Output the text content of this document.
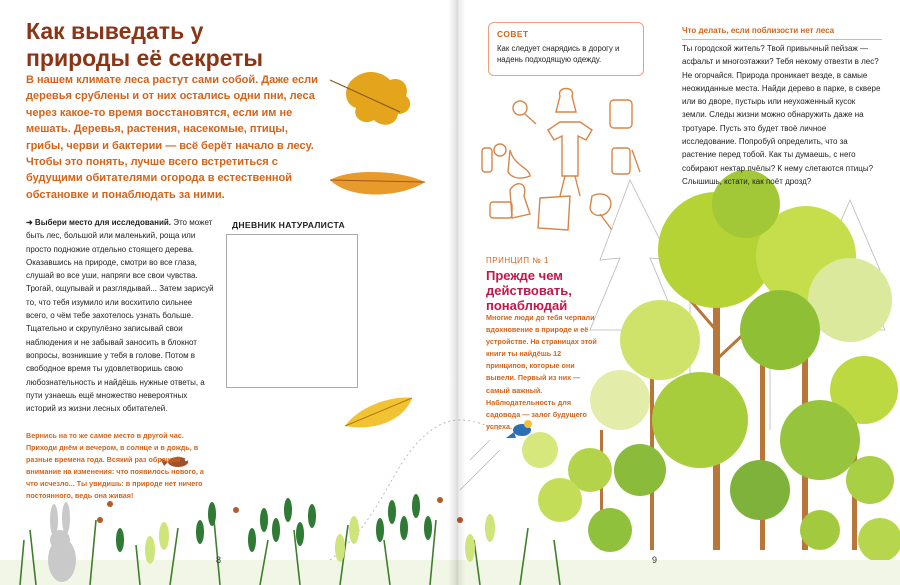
Как выведать у природы её секреты

В нашем климате леса растут сами собой. Даже если деревья срублены и от них остались одни пни, леса через какое-то время восстановятся, если им не мешать. Деревья, растения, насекомые, птицы, грибы, черви и бактерии — всё берёт начало в лесу. Чтобы это понять, лучше всего встретиться с будущими обитателями огорода в естественной обстановке и понаблюдать за ними.

➜ Выбери место для исследований. Это может быть лес, большой или маленький, роща или просто подножие отдельно стоящего дерева. Оказавшись на природе, смотри во все глаза, слушай во все уши, напряги все свои чувства. Трогай, ощупывай и разглядывай... Затем зарисуй то, что тебя изумило или восхитило сильнее всего, о чём тебе захотелось узнать больше. Тщательно и скрупулёзно записывай свои наблюдения и не забывай заносить в блокнот вопросы, возникшие у тебя в голове. Потом в свободное время ты удовлетворишь свою любознательность и найдёшь нужные ответы, а пути узнаешь ещё множество невероятных историй из жизни лесных обитателей.

Вернись на то же самое место в другой час. Приходи днём и вечером, в солнце и в дождь, в разные времена года. Всякий раз обращай внимание на изменения: что появилось нового, а что исчезло... Ты увидишь: в природе нет ничего постоянного, ведь она живая!

ДНЕВНИК НАТУРАЛИСТА
8
СОВЕТ
Как следует снарядись в дорогу и надень подходящую одежду.
Что делать, если поблизости нет леса

Ты городской житель? Твой привычный пейзаж — асфальт и многоэтажки? Тебя некому отвезти в лес? Не огорчайся. Природа проникает везде, в самые неожиданные места. Найди дерево в парке, в сквере или во дворе, пустырь или неухоженный кусок земли. Следы жизни можно обнаружить даже на тротуаре. Пусть это будет твоё личное исследование. Попробуй определить, что за растение перед тобой. Как ты думаешь, с него собирают нектар пчёлы? К нему слетаются птицы? Слышишь, кстати, как поёт дрозд?

ПРИНЦИП № 1
Прежде чем действовать, понаблюдай

Многие люди до тебя черпали вдохновение в природе и её устройстве. На страницах этой книги ты найдёшь 12 принципов, которые они вывели. Первый из них — самый важный. Наблюдательность для садовода — залог будущего успеха.

9
